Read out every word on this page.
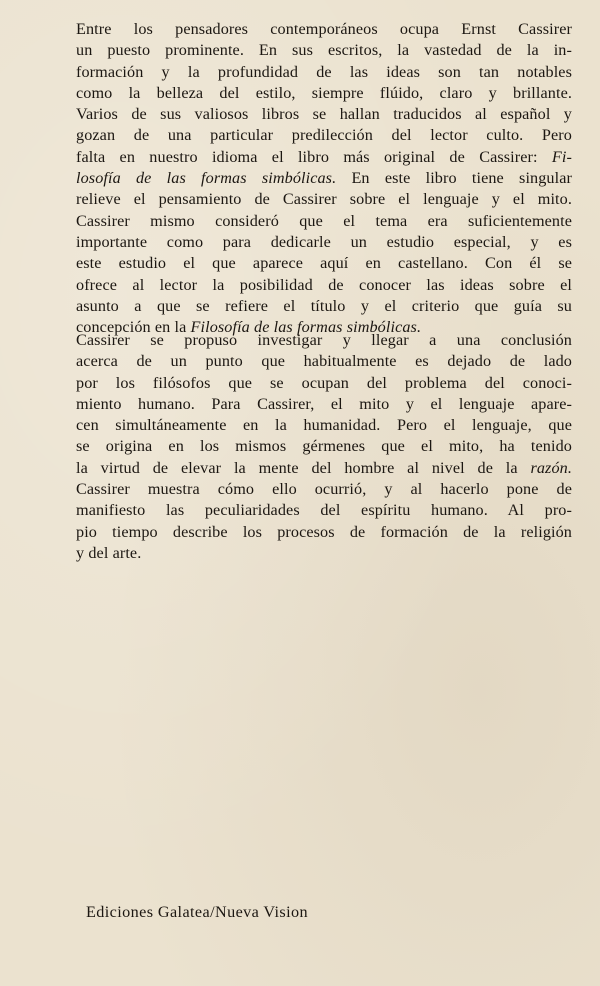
Entre los pensadores contemporáneos ocupa Ernst Cassirer
un puesto prominente. En sus escritos, la vastedad de la in-
formación y la profundidad de las ideas son tan notables
como la belleza del estilo, siempre flúido, claro y brillante.
Varios de sus valiosos libros se hallan traducidos al español y
gozan de una particular predilección del lector culto. Pero
falta en nuestro idioma el libro más original de Cassirer: Fi-
losofía de las formas simbólicas. En este libro tiene singular
relieve el pensamiento de Cassirer sobre el lenguaje y el mito.
Cassirer mismo consideró que el tema era suficientemente
importante como para dedicarle un estudio especial, y es
este estudio el que aparece aquí en castellano. Con él se
ofrece al lector la posibilidad de conocer las ideas sobre el
asunto a que se refiere el título y el criterio que guía su
concepción en la Filosofía de las formas simbólicas.

Cassirer se propuso investigar y llegar a una conclusión
acerca de un punto que habitualmente es dejado de lado
por los filósofos que se ocupan del problema del conoci-
miento humano. Para Cassirer, el mito y el lenguaje apare-
cen simultáneamente en la humanidad. Pero el lenguaje, que
se origina en los mismos gérmenes que el mito, ha tenido
la virtud de elevar la mente del hombre al nivel de la razón.
Cassirer muestra cómo ello ocurrió, y al hacerlo pone de
manifiesto las peculiaridades del espíritu humano. Al pro-
pio tiempo describe los procesos de formación de la religión
y del arte.

Ediciones Galatea/Nueva Vision
